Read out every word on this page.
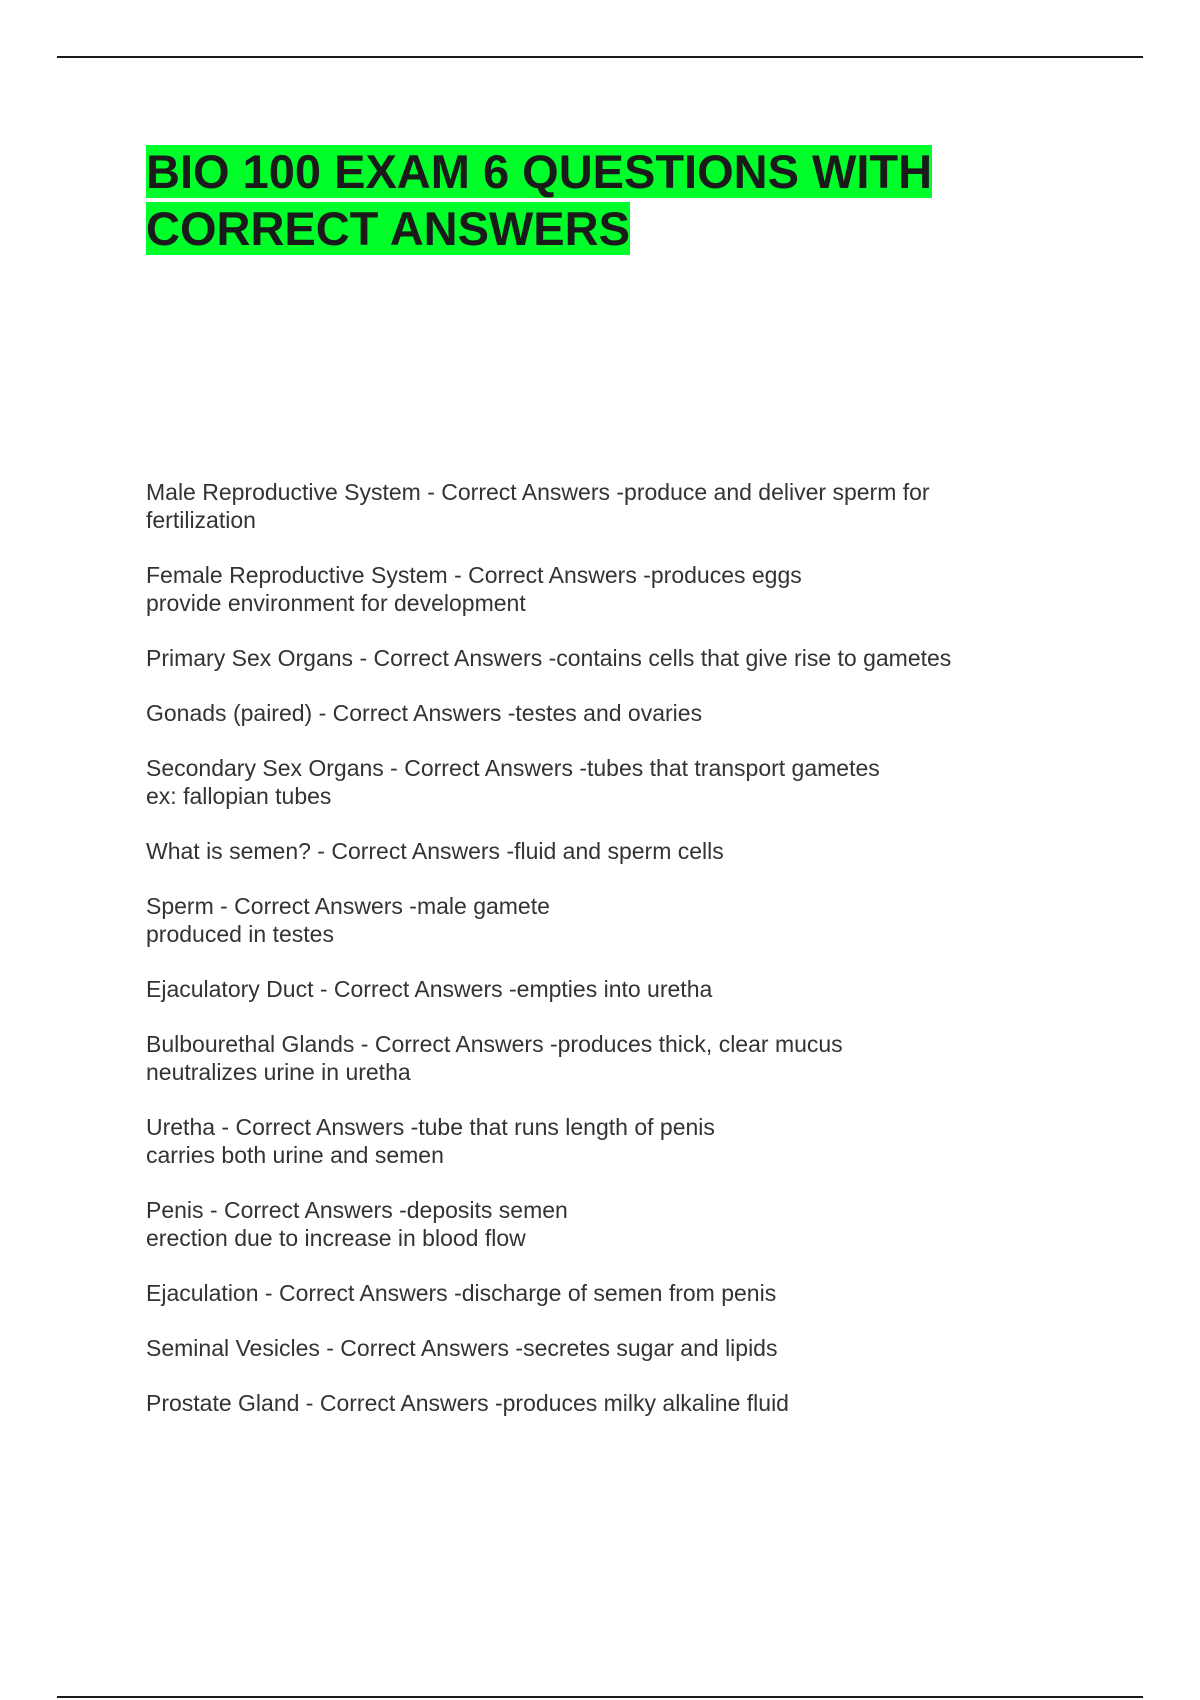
BIO 100 EXAM 6 QUESTIONS WITH CORRECT ANSWERS
Male Reproductive System - Correct Answers -produce and deliver sperm for
fertilization
Female Reproductive System - Correct Answers -produces eggs
provide environment for development
Primary Sex Organs - Correct Answers -contains cells that give rise to gametes
Gonads (paired) - Correct Answers -testes and ovaries
Secondary Sex Organs - Correct Answers -tubes that transport gametes
ex: fallopian tubes
What is semen? - Correct Answers -fluid and sperm cells
Sperm - Correct Answers -male gamete
produced in testes
Ejaculatory Duct - Correct Answers -empties into uretha
Bulbourethal Glands - Correct Answers -produces thick, clear mucus
neutralizes urine in uretha
Uretha - Correct Answers -tube that runs length of penis
carries both urine and semen
Penis - Correct Answers -deposits semen
erection due to increase in blood flow
Ejaculation - Correct Answers -discharge of semen from penis
Seminal Vesicles - Correct Answers -secretes sugar and lipids
Prostate Gland - Correct Answers -produces milky alkaline fluid
